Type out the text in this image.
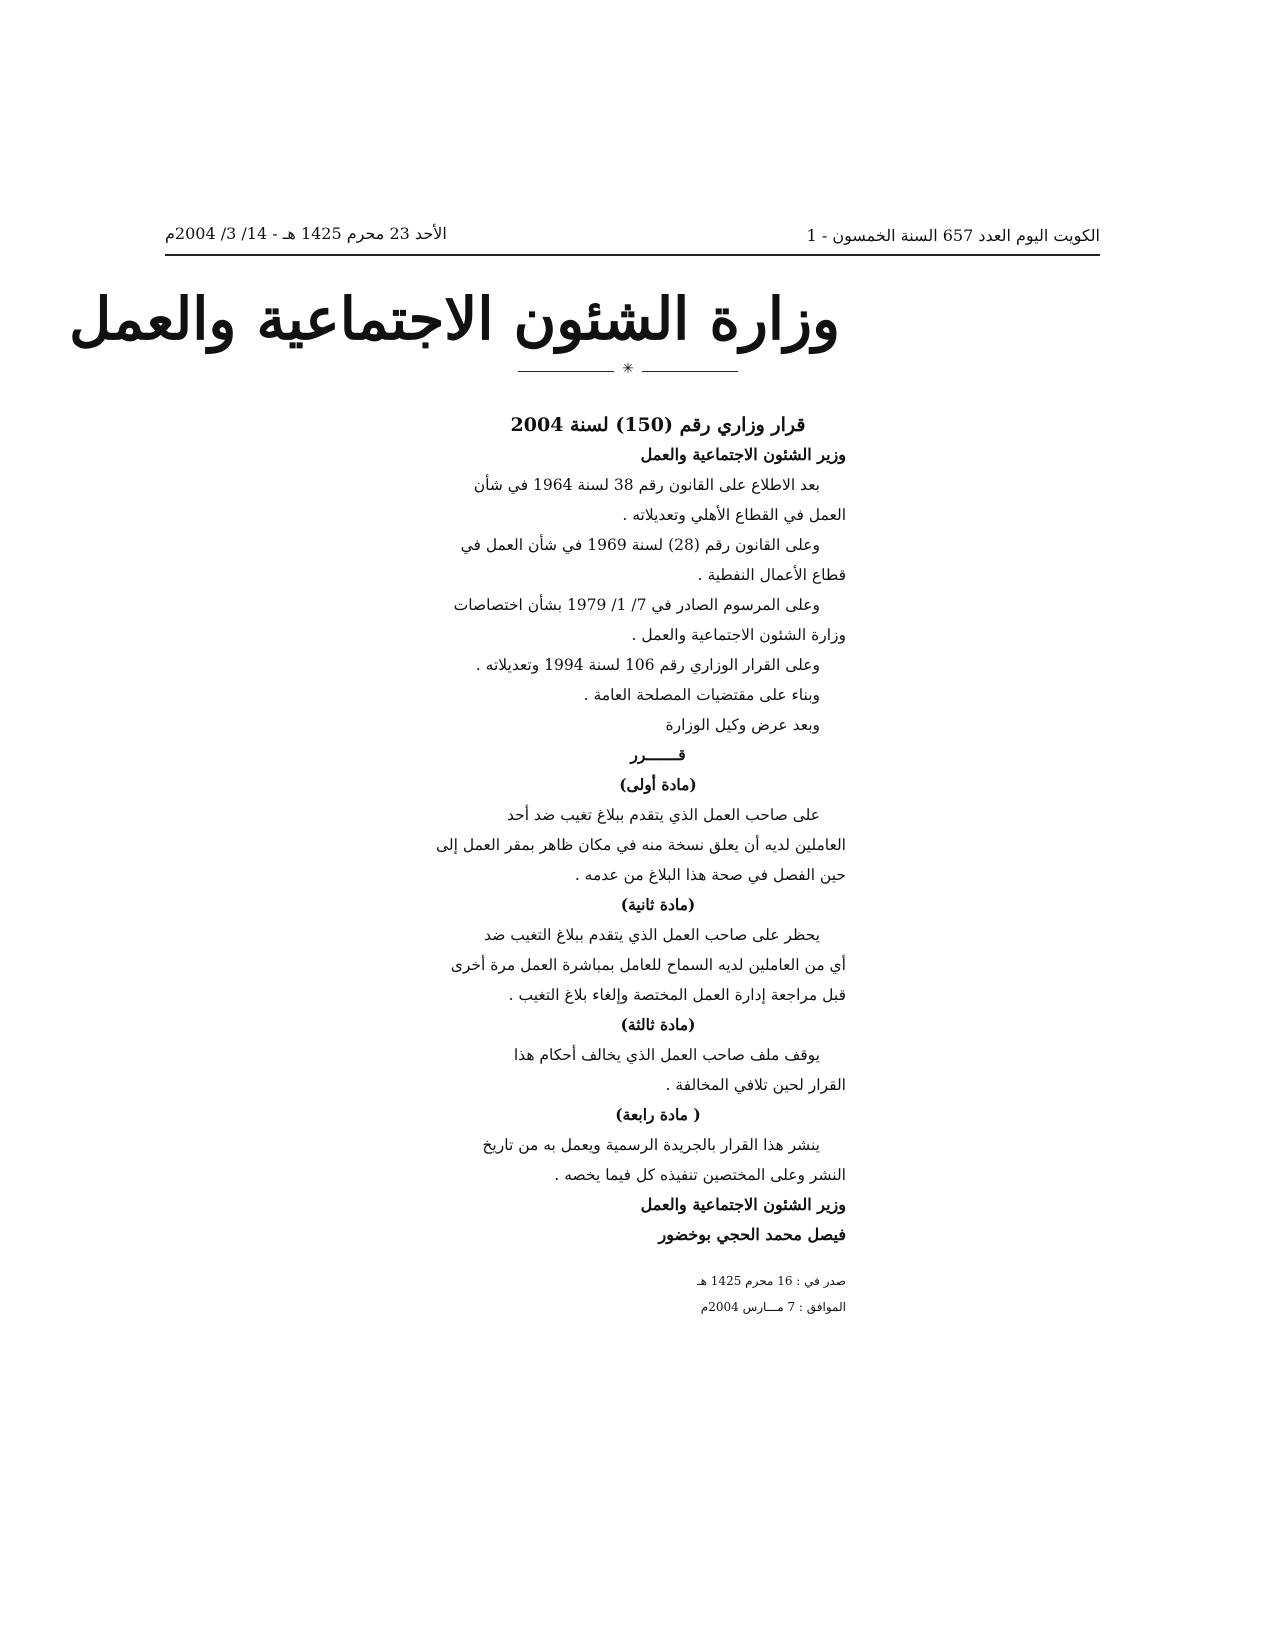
الكويت اليوم العدد 657 السنة الخمسون - 1
الأحد 23 محرم 1425 هـ - 14/ 3/ 2004م
وزارة الشئون الاجتماعية والعمل
✳
قرار وزاري رقم (150) لسنة 2004
وزير الشئون الاجتماعية والعمل
بعد الاطلاع على القانون رقم 38 لسنة 1964 في شأن
العمل في القطاع الأهلي وتعديلاته .
وعلى القانون رقم (28) لسنة 1969 في شأن العمل في
قطاع الأعمال النفطية .
وعلى المرسوم الصادر في 7/ 1/ 1979 بشأن اختصاصات
وزارة الشئون الاجتماعية والعمل .
وعلى القرار الوزاري رقم 106 لسنة 1994 وتعديلاته .
وبناء على مقتضيات المصلحة العامة .
وبعد عرض وكيل الوزارة
قـــــــرر
(مادة أولى)
على صاحب العمل الذي يتقدم ببلاغ تغيب ضد أحد
العاملين لديه أن يعلق نسخة منه في مكان ظاهر بمقر العمل إلى
حين الفصل في صحة هذا البلاغ من عدمه .
(مادة ثانية)
يحظر على صاحب العمل الذي يتقدم ببلاغ التغيب ضد
أي من العاملين لديه السماح للعامل بمباشرة العمل مرة أخرى
قبل مراجعة إدارة العمل المختصة وإلغاء بلاغ التغيب .
(مادة ثالثة)
يوقف ملف صاحب العمل الذي يخالف أحكام هذا
القرار لحين تلافي المخالفة .
( مادة رابعة)
ينشر هذا القرار بالجريدة الرسمية ويعمل به من تاريخ
النشر وعلى المختصين تنفيذه كل فيما يخصه .
وزير الشئون الاجتماعية والعمل
فيصل محمد الحجي بوخضور
صدر في : 16 محرم 1425 هـ
الموافق : 7 مـــارس 2004م
